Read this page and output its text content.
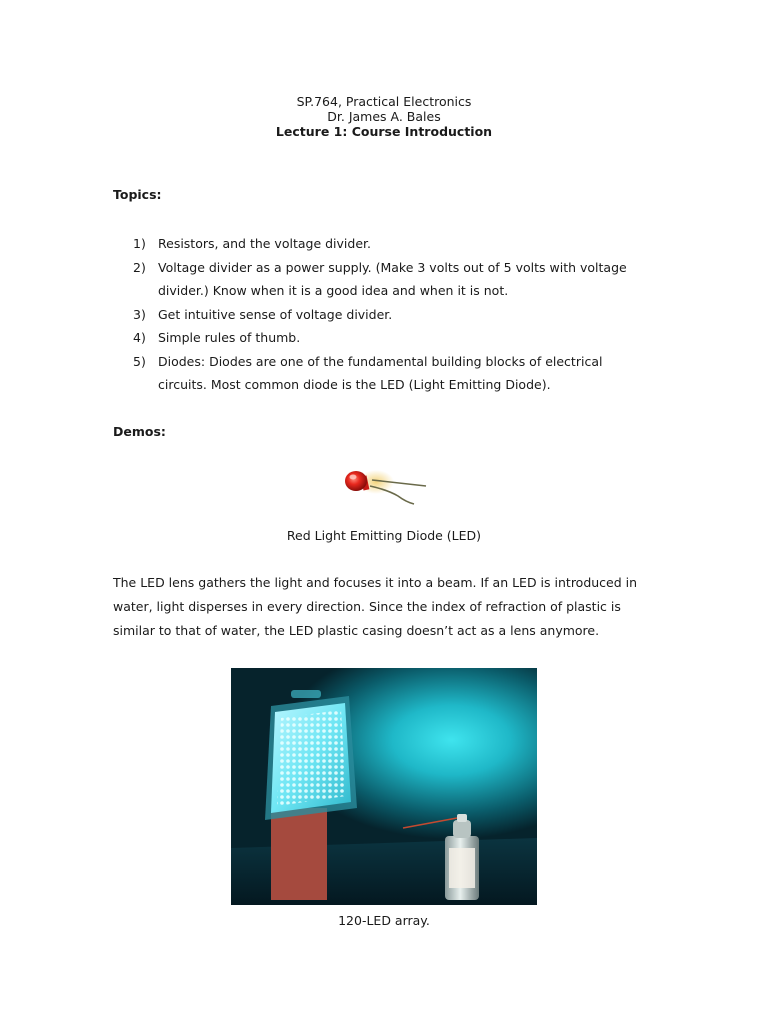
SP.764, Practical Electronics
Dr. James A. Bales
Lecture 1: Course Introduction
Topics:
1) Resistors, and the voltage divider.
2) Voltage divider as a power supply. (Make 3 volts out of 5 volts with voltage
divider.) Know when it is a good idea and when it is not.
3) Get intuitive sense of voltage divider.
4) Simple rules of thumb.
5) Diodes: Diodes are one of the fundamental building blocks of electrical
circuits. Most common diode is the LED (Light Emitting Diode).
Demos:
Red Light Emitting Diode (LED)
The LED lens gathers the light and focuses it into a beam. If an LED is introduced in
water, light disperses in every direction. Since the index of refraction of plastic is
similar to that of water, the LED plastic casing doesn’t act as a lens anymore.
120-LED array.
